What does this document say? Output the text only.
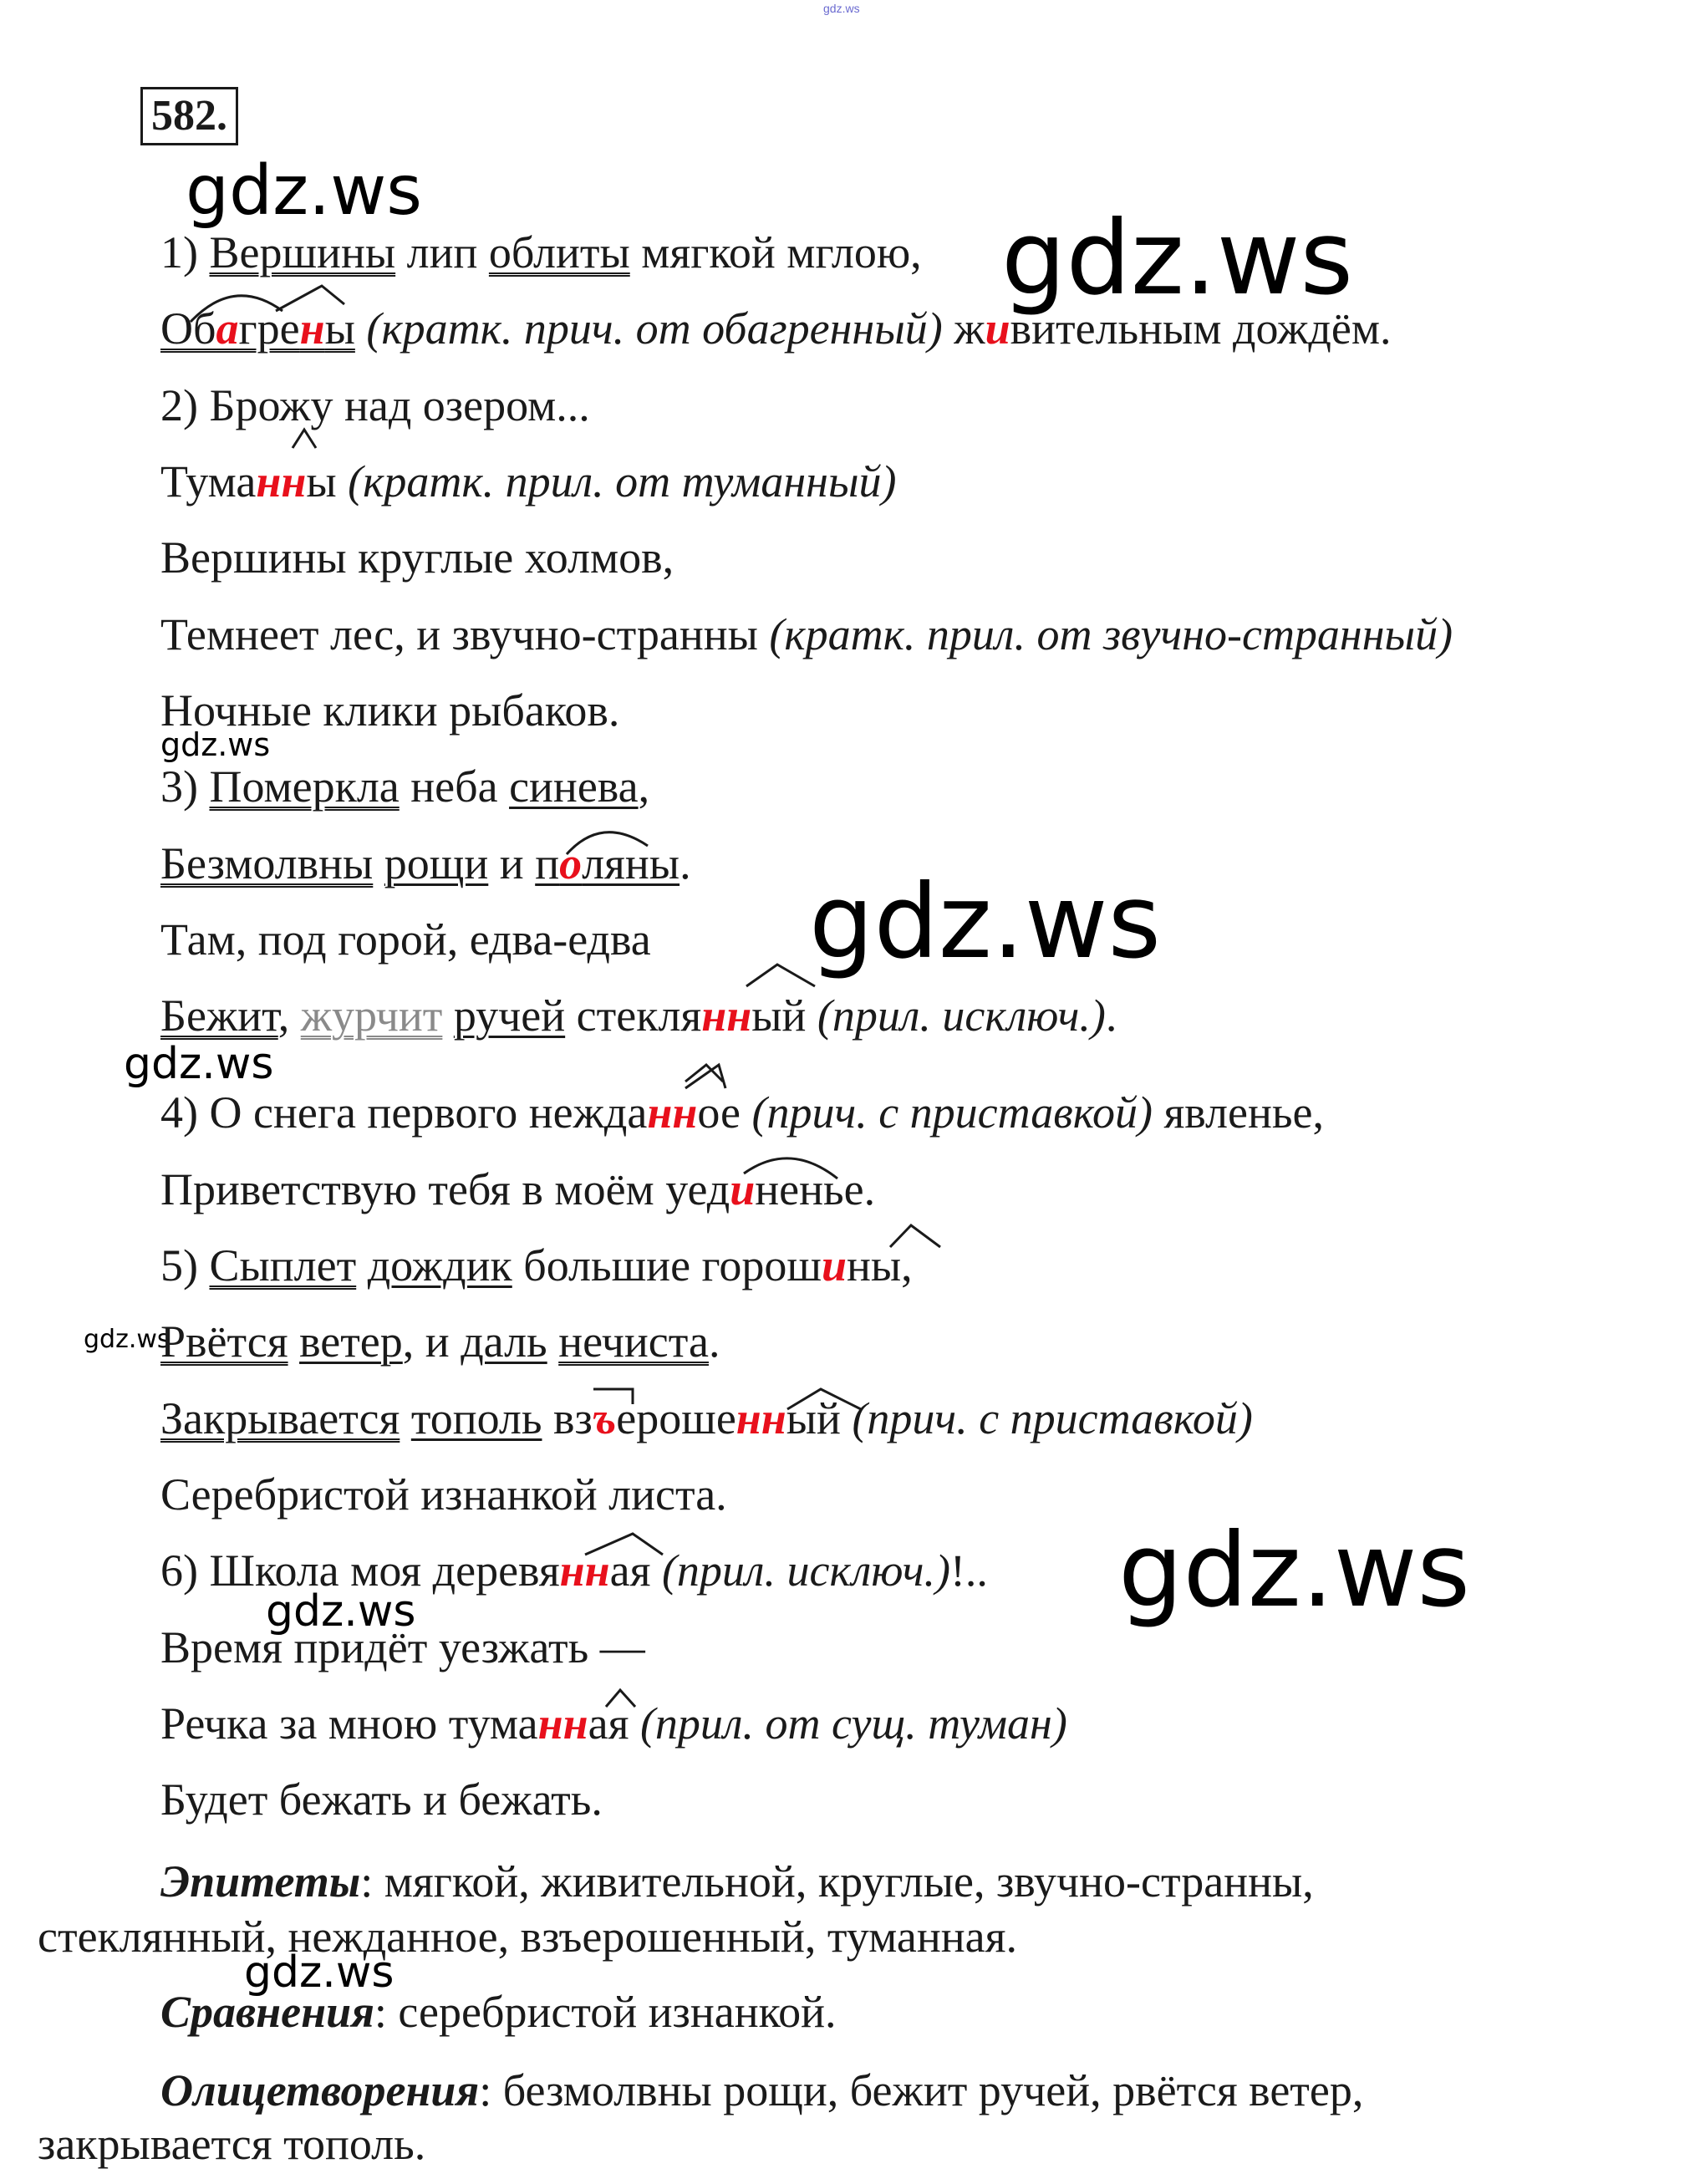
gdz.ws
582.
gdz.ws
gdz.ws
gdz.ws
gdz.ws
gdz.ws
gdz.ws
gdz.ws
gdz.ws
gdz.ws
1) Вершины лип облиты мягкой мглою,
Обагрены (кратк. прич. от обагренный) живительным дождём.
2) Брожу над озером...
Туманны (кратк. прил. от туманный)
Вершины круглые холмов,
Темнеет лес, и звучно-странны (кратк. прил. от звучно-странный)
Ночные клики рыбаков.
3) Померкла неба синева,
Безмолвны рощи и поляны.
Там, под горой, едва-едва
Бежит, журчит ручей стеклянный (прил. исключ.).
4) О снега первого нежданное (прич. с приставкой) явленье,
Приветствую тебя в моём уединенье.
5) Сыплет дождик большие горошины,
Рвётся ветер, и даль нечиста.
Закрывается тополь взъерошенный (прич. с приставкой)
Серебристой изнанкой листа.
6) Школа моя деревянная (прил. исключ.)!..
Время придёт уезжать —
Речка за мною туманная (прил. от сущ. туман)
Будет бежать и бежать.
Эпитеты: мягкой, живительной, круглые, звучно-странны,
стеклянный, нежданное, взъерошенный, туманная.
Сравнения: серебристой изнанкой.
Олицетворения: безмолвны рощи, бежит ручей, рвётся ветер,
закрывается тополь.
